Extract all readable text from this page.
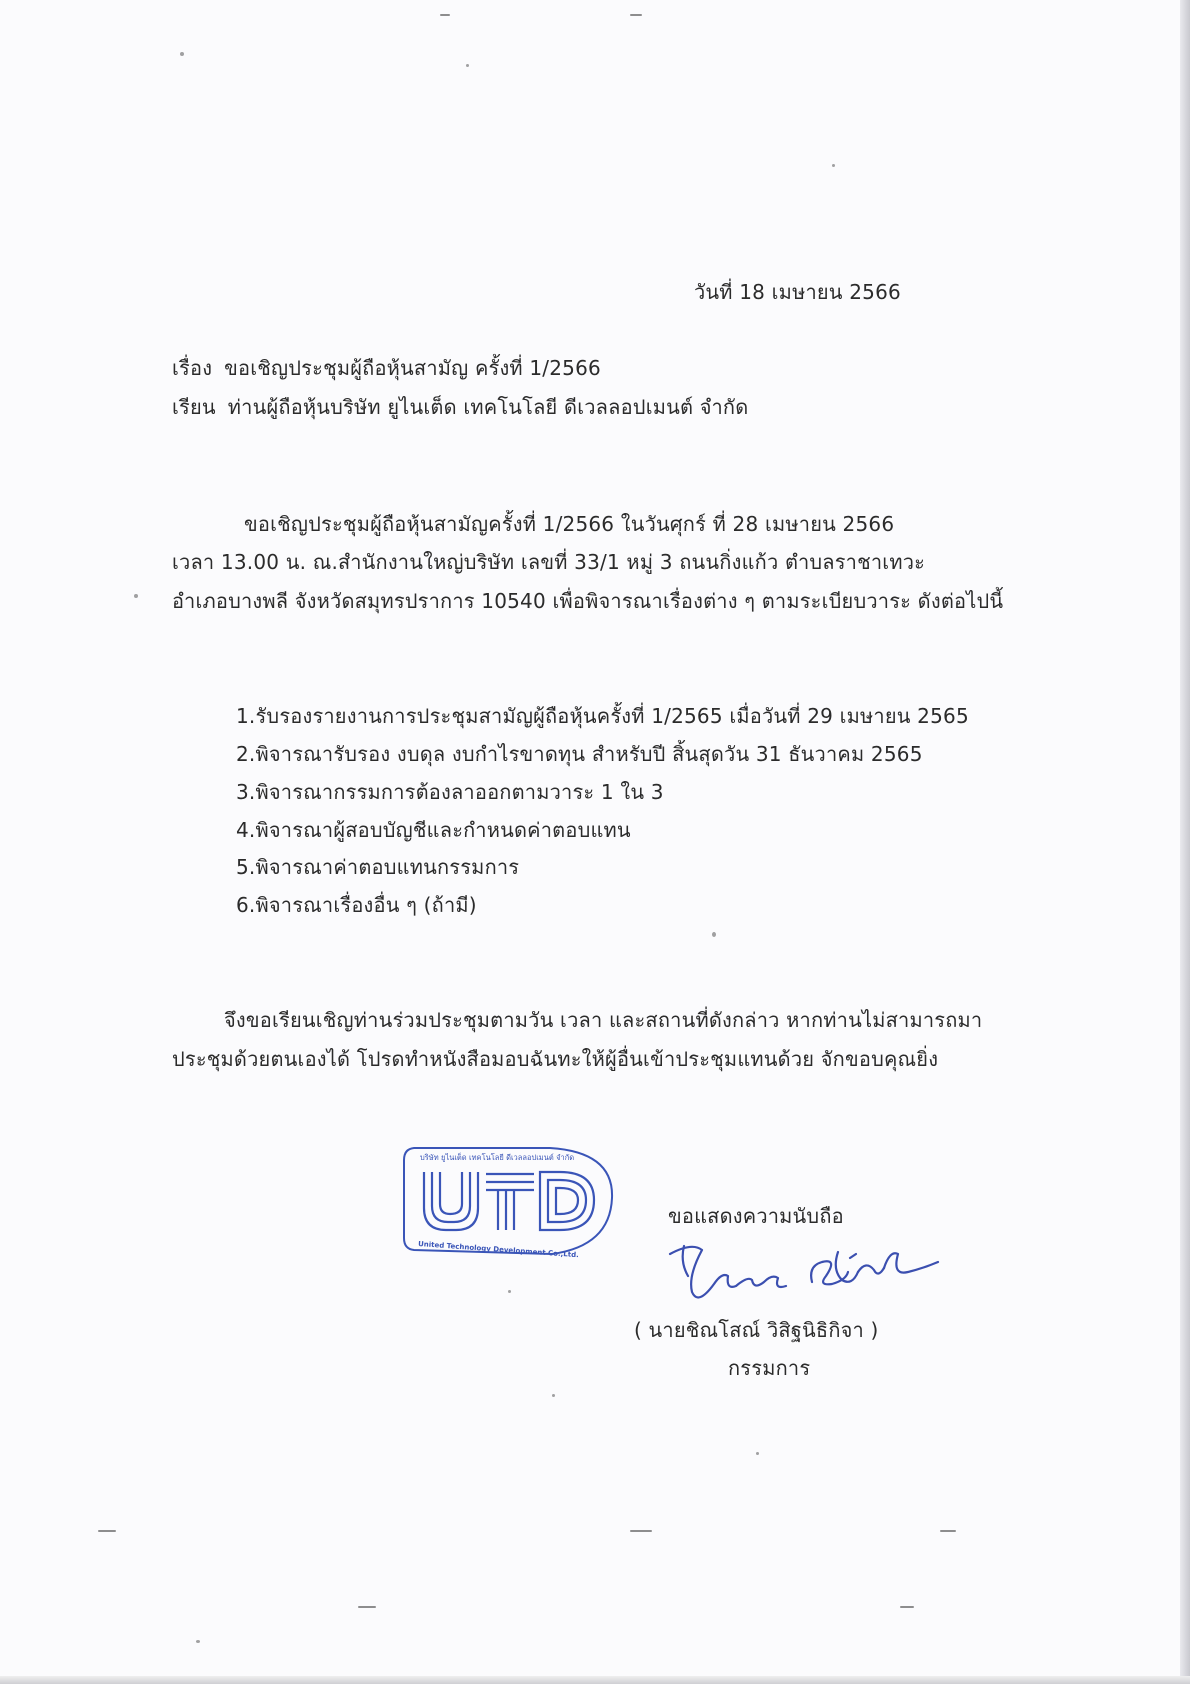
วันที่ 18 เมษายน 2566
เรื่อง ขอเชิญประชุมผู้ถือหุ้นสามัญ ครั้งที่ 1/2566
เรียน ท่านผู้ถือหุ้นบริษัท ยูไนเต็ด เทคโนโลยี ดีเวลลอปเมนต์ จำกัด
ขอเชิญประชุมผู้ถือหุ้นสามัญครั้งที่ 1/2566 ในวันศุกร์ ที่ 28 เมษายน 2566
เวลา 13.00 น. ณ.สำนักงานใหญ่บริษัท เลขที่ 33/1 หมู่ 3 ถนนกิ่งแก้ว ตำบลราชาเทวะ
อำเภอบางพลี จังหวัดสมุทรปราการ 10540 เพื่อพิจารณาเรื่องต่าง ๆ ตามระเบียบวาระ ดังต่อไปนี้
1.รับรองรายงานการประชุมสามัญผู้ถือหุ้นครั้งที่ 1/2565 เมื่อวันที่ 29 เมษายน 2565
2.พิจารณารับรอง งบดุล งบกำไรขาดทุน สำหรับปี สิ้นสุดวัน 31 ธันวาคม 2565
3.พิจารณากรรมการต้องลาออกตามวาระ 1 ใน 3
4.พิจารณาผู้สอบบัญชีและกำหนดค่าตอบแทน
5.พิจารณาค่าตอบแทนกรรมการ
6.พิจารณาเรื่องอื่น ๆ (ถ้ามี)
จึงขอเรียนเชิญท่านร่วมประชุมตามวัน เวลา และสถานที่ดังกล่าว หากท่านไม่สามารถมา
ประชุมด้วยตนเองได้ โปรดทำหนังสือมอบฉันทะให้ผู้อื่นเข้าประชุมแทนด้วย จักขอบคุณยิ่ง
บริษัท ยูไนเต็ด เทคโนโลยี ดีเวลลอปเมนต์ จำกัด
United Technology Development Co.,Ltd.
ขอแสดงความนับถือ
( นายชิณโสณ์ วิสิฐนิธิกิจา )
กรรมการ
